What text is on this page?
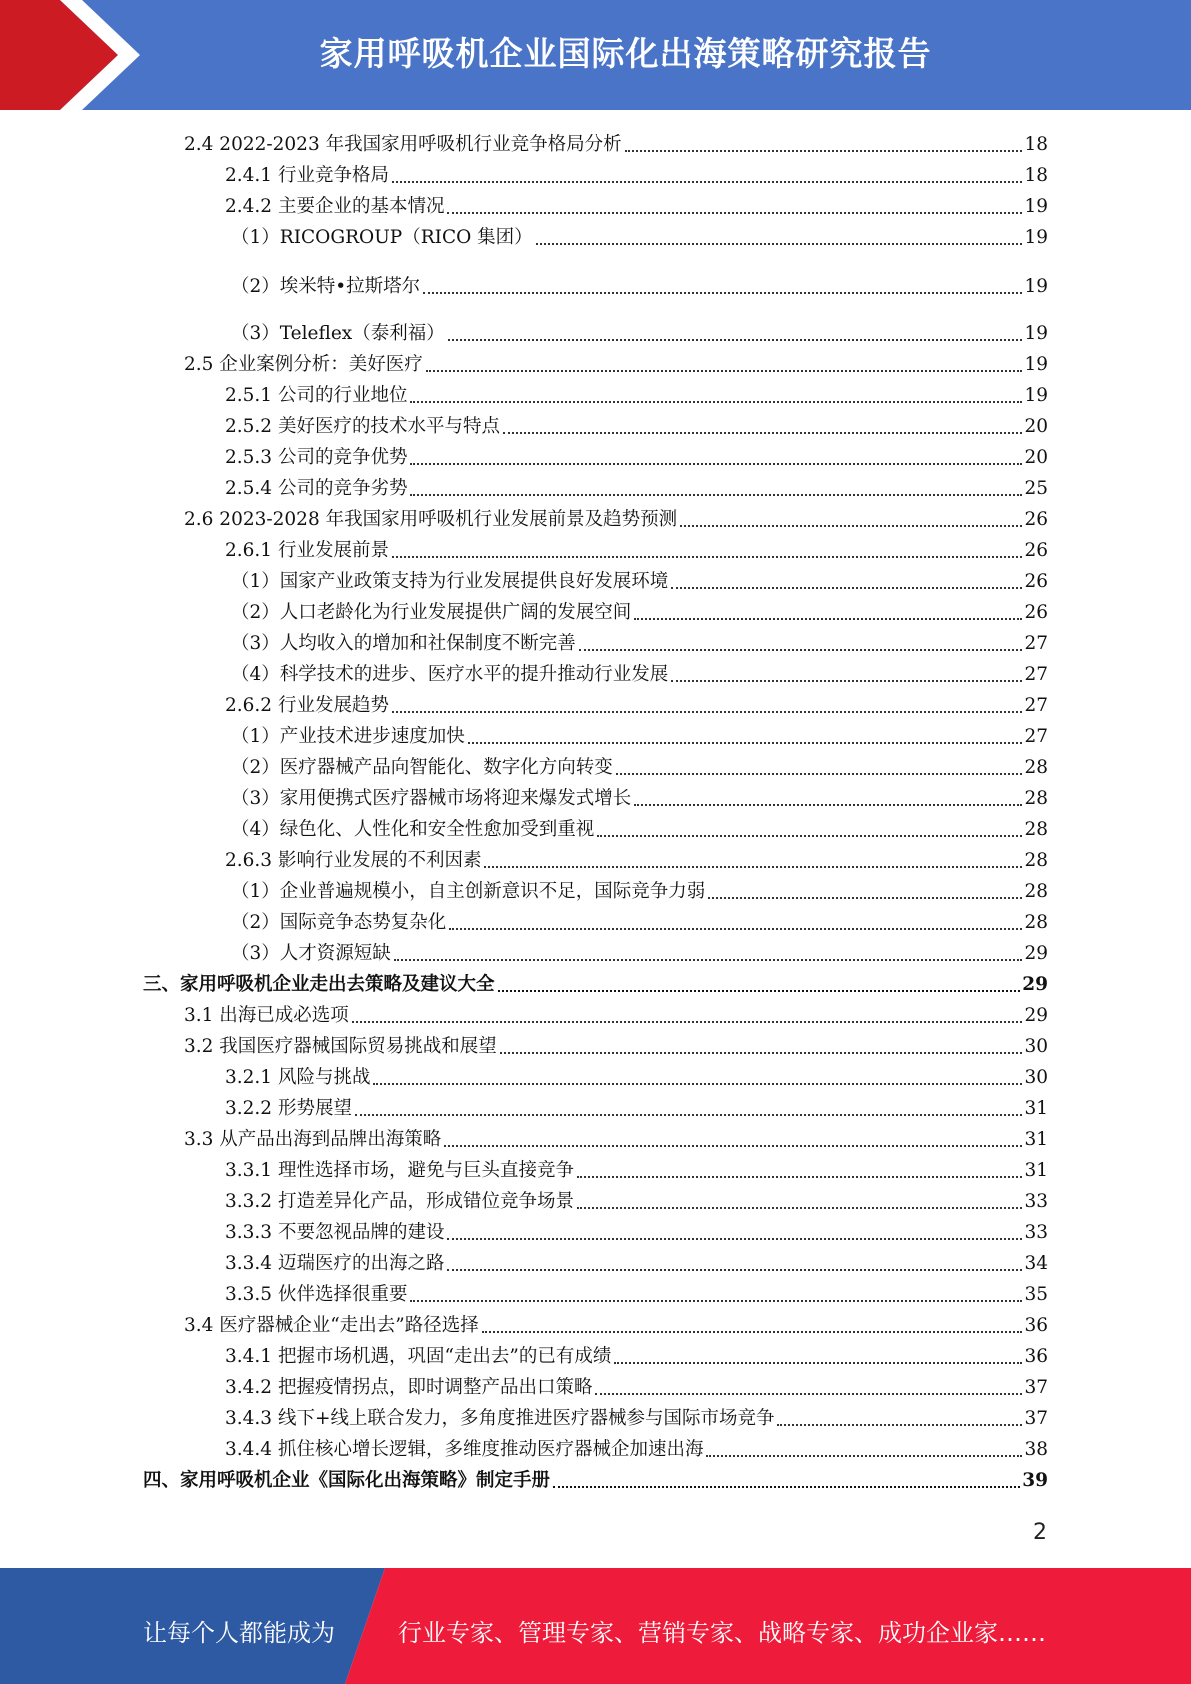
家用呼吸机企业国际化出海策略研究报告
2.4 2022-2023 年我国家用呼吸机行业竞争格局分析	18
2.4.1 行业竞争格局	18
2.4.2 主要企业的基本情况	19
（1）RICOGROUP（RICO 集团）	19
（2）埃米特•拉斯塔尔	19
（3）Teleflex（泰利福）	19
2.5 企业案例分析：美好医疗	19
2.5.1 公司的行业地位	19
2.5.2 美好医疗的技术水平与特点	20
2.5.3 公司的竞争优势	20
2.5.4 公司的竞争劣势	25
2.6 2023-2028 年我国家用呼吸机行业发展前景及趋势预测	26
2.6.1 行业发展前景	26
（1）国家产业政策支持为行业发展提供良好发展环境	26
（2）人口老龄化为行业发展提供广阔的发展空间	26
（3）人均收入的增加和社保制度不断完善	27
（4）科学技术的进步、医疗水平的提升推动行业发展	27
2.6.2 行业发展趋势	27
（1）产业技术进步速度加快	27
（2）医疗器械产品向智能化、数字化方向转变	28
（3）家用便携式医疗器械市场将迎来爆发式增长	28
（4）绿色化、人性化和安全性愈加受到重视	28
2.6.3 影响行业发展的不利因素	28
（1）企业普遍规模小，自主创新意识不足，国际竞争力弱	28
（2）国际竞争态势复杂化	28
（3）人才资源短缺	29
三、家用呼吸机企业走出去策略及建议大全	29
3.1 出海已成必选项	29
3.2 我国医疗器械国际贸易挑战和展望	30
3.2.1 风险与挑战	30
3.2.2 形势展望	31
3.3 从产品出海到品牌出海策略	31
3.3.1 理性选择市场，避免与巨头直接竞争	31
3.3.2 打造差异化产品，形成错位竞争场景	33
3.3.3 不要忽视品牌的建设	33
3.3.4 迈瑞医疗的出海之路	34
3.3.5 伙伴选择很重要	35
3.4 医疗器械企业“走出去”路径选择	36
3.4.1 把握市场机遇，巩固“走出去”的已有成绩	36
3.4.2 把握疫情拐点，即时调整产品出口策略	37
3.4.3 线下+线上联合发力，多角度推进医疗器械参与国际市场竞争	37
3.4.4 抓住核心增长逻辑，多维度推动医疗器械企加速出海	38
四、家用呼吸机企业《国际化出海策略》制定手册	39
2
让每个人都能成为	行业专家、管理专家、营销专家、战略专家、成功企业家……
